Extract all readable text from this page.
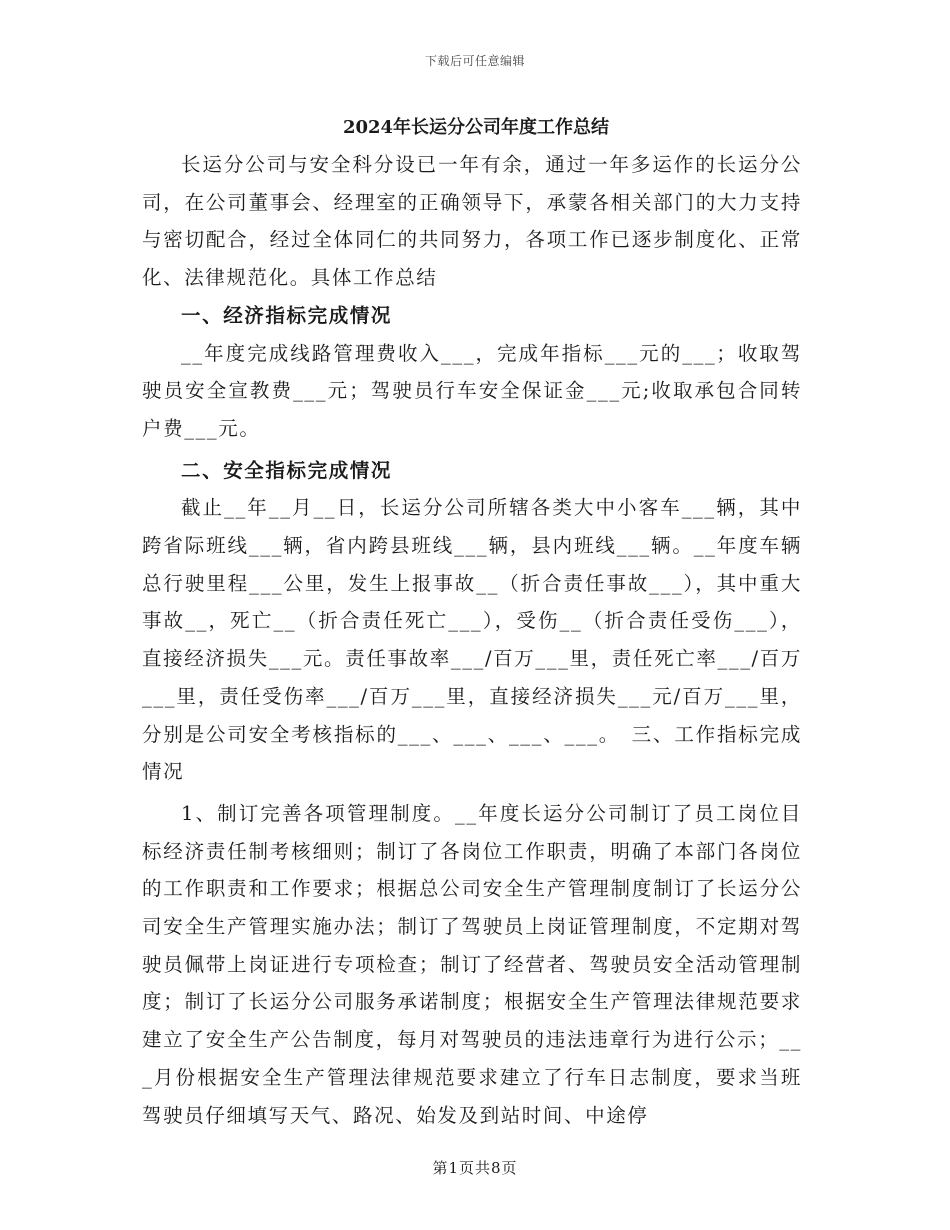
下载后可任意编辑
2024年长运分公司年度工作总结

长运分公司与安全科分设已一年有余，通过一年多运作的长运分公司，在公司董事会、经理室的正确领导下，承蒙各相关部门的大力支持与密切配合，经过全体同仁的共同努力，各项工作已逐步制度化、正常化、法律规范化。具体工作总结

一、经济指标完成情况

__年度完成线路管理费收入___，完成年指标___元的___；收取驾驶员安全宣教费___元；驾驶员行车安全保证金___元;收取承包合同转户费___元。

二、安全指标完成情况

截止__年__月__日，长运分公司所辖各类大中小客车___辆，其中跨省际班线___辆，省内跨县班线___辆，县内班线___辆。__年度车辆总行驶里程___公里，发生上报事故__（折合责任事故___），其中重大事故__，死亡__（折合责任死亡___），受伤__（折合责任受伤___），直接经济损失___元。责任事故率___/百万___里，责任死亡率___/百万___里，责任受伤率___/百万___里，直接经济损失___元/百万___里，分别是公司安全考核指标的___、___、___、___。　三、工作指标完成情况

1、制订完善各项管理制度。__年度长运分公司制订了员工岗位目标经济责任制考核细则；制订了各岗位工作职责，明确了本部门各岗位的工作职责和工作要求；根据总公司安全生产管理制度制订了长运分公司安全生产管理实施办法；制订了驾驶员上岗证管理制度，不定期对驾驶员佩带上岗证进行专项检查；制订了经营者、驾驶员安全活动管理制度；制订了长运分公司服务承诺制度；根据安全生产管理法律规范要求建立了安全生产公告制度，每月对驾驶员的违法违章行为进行公示；___月份根据安全生产管理法律规范要求建立了行车日志制度，要求当班驾驶员仔细填写天气、路况、始发及到站时间、中途停

第1页共8页
